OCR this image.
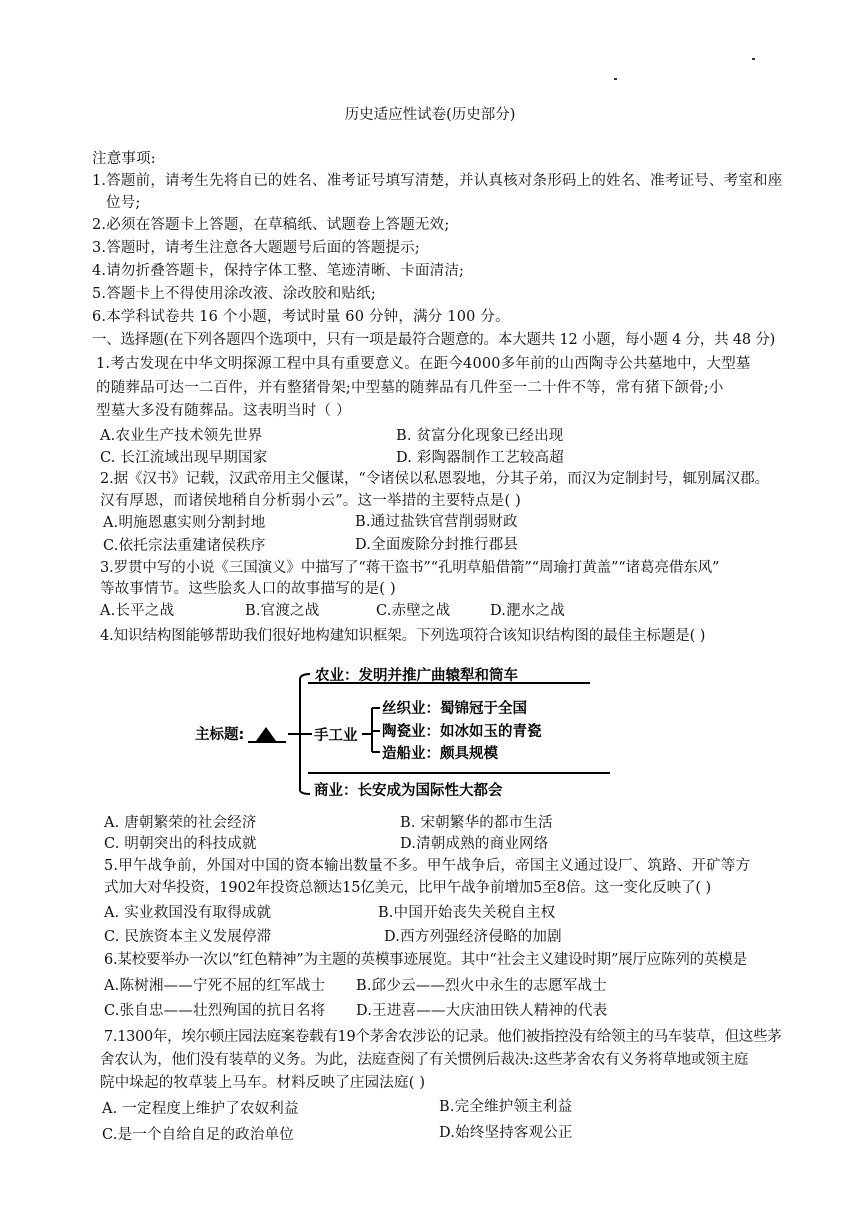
历史适应性试卷(历史部分)
注意事项:
1.答题前，请考生先将自已的姓名、准考证号填写清楚，并认真核对条形码上的姓名、准考证号、考室和座
位号;
2.必须在答题卡上答题，在草稿纸、试题卷上答题无效;
3.答题时，请考生注意各大题题号后面的答题提示;
4.请勿折叠答题卡，保持字体工整、笔迹清晰、卡面清洁;
5.答题卡上不得使用涂改液、涂改胶和贴纸;
6.本学科试卷共 16 个小题，考试时量 60 分钟，满分 100 分。
一、选择题(在下列各题四个选项中，只有一项是最符合题意的。本大题共 12 小题，每小题 4 分，共 48 分)
1.考古发现在中华文明探源工程中具有重要意义。在距今4000多年前的山西陶寺公共墓地中，大型墓
的随葬品可达一二百件，并有整猪骨架;中型墓的随葬品有几件至一二十件不等，常有猪下颌骨;小
型墓大多没有随葬品。这表明当时（ ）
A.农业生产技术领先世界	B. 贫富分化现象已经出现
C. 长江流域出现早期国家	D. 彩陶器制作工艺较高超
2.据《汉书》记载，汉武帝用主父偃谋，“令诸侯以私恩裂地，分其子弟，而汉为定制封号，辄别属汉郡。
汉有厚恩，而诸侯地稍自分析弱小云”。这一举措的主要特点是( )
A.明施恩惠实则分割封地	B.通过盐铁官营削弱财政
C.依托宗法重建诸侯秩序	D.全面废除分封推行郡县
3.罗贯中写的小说《三国演义》中描写了“蒋干盗书”“孔明草船借箭”“周瑜打黄盖”“诸葛亮借东风”
等故事情节。这些脍炙人口的故事描写的是( )
A.长平之战	B.官渡之战	C.赤壁之战	D.淝水之战
4.知识结构图能够帮助我们很好地构建知识框架。下列选项符合该知识结构图的最佳主标题是( )
主标题:
农业：发明并推广曲辕犁和筒车
手工业
丝织业：蜀锦冠于全国
陶瓷业：如冰如玉的青瓷
造船业：颇具规模
商业：长安成为国际性大都会
A. 唐朝繁荣的社会经济	B. 宋朝繁华的都市生活
C. 明朝突出的科技成就	D.清朝成熟的商业网络
5.甲午战争前，外国对中国的资本输出数量不多。甲午战争后，帝国主义通过设厂、筑路、开矿等方
式加大对华投资，1902年投资总额达15亿美元，比甲午战争前增加5至8倍。这一变化反映了( )
A. 实业救国没有取得成就	B.中国开始丧失关税自主权
C. 民族资本主义发展停滞	D.西方列强经济侵略的加剧
6.某校要举办一次以“红色精神”为主题的英模事迹展览。其中“社会主义建设时期”展厅应陈列的英模是
A.陈树湘——宁死不屈的红军战士 B.邱少云——烈火中永生的志愿军战士
C.张自忠——壮烈殉国的抗日名将 D.王进喜——大庆油田铁人精神的代表
7.1300年，埃尔顿庄园法庭案卷载有19个茅舍农涉讼的记录。他们被指控没有给领主的马车装草，但这些茅
舍农认为，他们没有装草的义务。为此，法庭查阅了有关惯例后裁决:这些茅舍农有义务将草地或领主庭
院中垛起的牧草装上马车。材料反映了庄园法庭( )
A. 一定程度上维护了农奴利益	B.完全维护领主利益
C.是一个自给自足的政治单位	D.始终坚持客观公正
